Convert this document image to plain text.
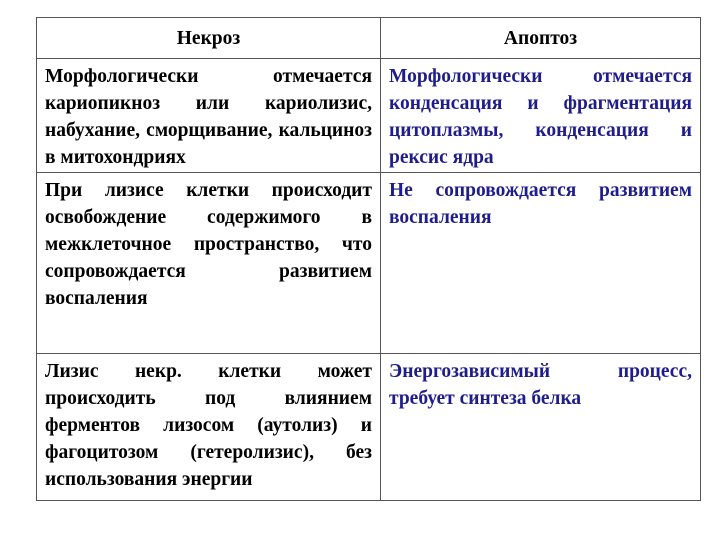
Некроз	Апоптоз

Морфологически отмечается кариопикноз или кариолизис, набухание, сморщивание, кальциноз в митохондриях	Морфологически отмечается конденсация и фрагментация цитоплазмы, конденсация и рексис ядра

При лизисе клетки происходит освобождение содержимого в межклеточное пространство, что сопровождается развитием воспаления	Не сопровождается развитием воспаления

Лизис некр. клетки может происходить под влиянием ферментов лизосом (аутолиз) и фагоцитозом (гетеролизис), без использования энергии	Энергозависимый процесс, требует синтеза белка
